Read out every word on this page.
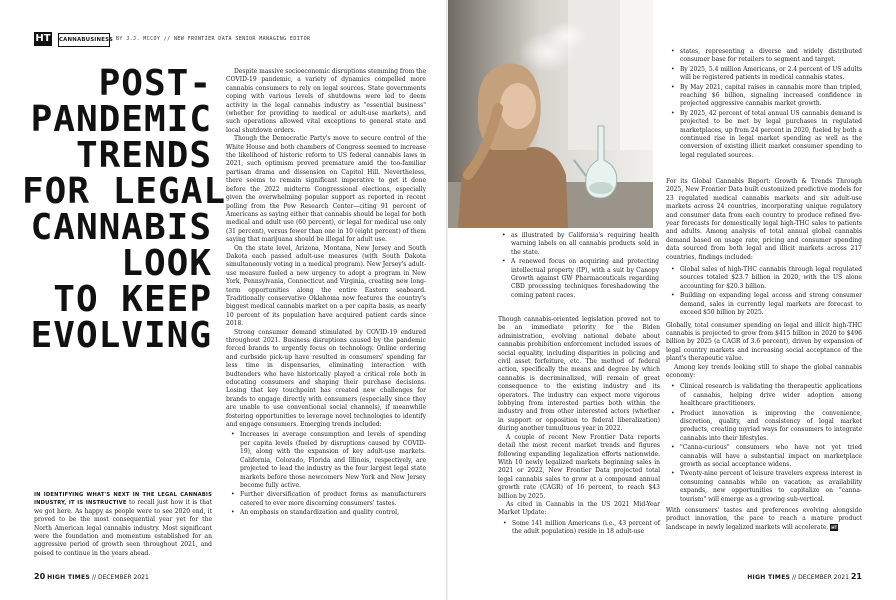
HT CANNABUSINESS BY J.J. MCCOY // NEW FRONTIER DATA SENIOR MANAGING EDITOR
POST-
PANDEMIC
TRENDS
FOR LEGAL
CANNABIS
LOOK
TO KEEP
EVOLVING
IN IDENTIFYING WHAT'S NEXT IN THE LEGAL CANNABIS INDUSTRY, IT IS INSTRUCTIVE to recall just how it is that we got here. As happy as people were to see 2020 end, it proved to be the most consequential year yet for the North American legal cannabis industry. Most significant were the foundation and momentum established for an aggressive period of growth seen throughout 2021, and poised to continue in the years ahead.

Despite massive socioeconomic disruptions stemming from the COVID-19 pandemic, a variety of dynamics compelled more cannabis consumers to rely on legal sources. State governments coping with various levels of shutdowns were led to deem activity in the legal cannabis industry as "essential business" (whether for providing to medical or adult-use markets), and such operations allowed vital exceptions to general state and local shutdown orders.

Though the Democratic Party's move to secure control of the White House and both chambers of Congress seemed to increase the likelihood of historic reform to US federal cannabis laws in 2021, such optimism proved premature amid the too-familiar partisan drama and dissension on Capitol Hill. Nevertheless, there seems to remain significant imperative to get it done before the 2022 midterm Congressional elections, especially given the overwhelming popular support as reported in recent polling from the Pew Research Center—citing 91 percent of Americans as saying either that cannabis should be legal for both medical and adult use (60 percent), or legal for medical use only (31 percent), versus fewer than one in 10 (eight percent) of them saying that marijuana should be illegal for adult use.

On the state level, Arizona, Montana, New Jersey and South Dakota each passed adult-use measures (with South Dakota simultaneously voting in a medical program). New Jersey's adult-use measure fueled a new urgency to adopt a program in New York, Pennsylvania, Connecticut and Virginia, creating new long-term opportunities along the entire Eastern seaboard. Traditionally conservative Oklahoma now features the country's biggest medical cannabis market on a per capita basis, as nearly 10 percent of its population have acquired patient cards since 2018.

Strong consumer demand stimulated by COVID-19 endured throughout 2021. Business disruptions caused by the pandemic forced brands to urgently focus on technology. Online ordering and curbside pick-up have resulted in consumers' spending far less time in dispensaries, eliminating interaction with budtenders who have historically played a critical role both in educating consumers and shaping their purchase decisions. Losing that key touchpoint has created new challenges for brands to engage directly with consumers (especially since they are unable to use conventional social channels), if meanwhile fostering opportunities to leverage novel technologies to identify and engage consumers. Emerging trends included:

• Increases in average consumption and levels of spending per capita levels (fueled by disruptions caused by COVID-19), along with the expansion of key adult-use markets. California, Colorado, Florida and Illinois, respectively, are projected to lead the industry as the four largest legal state markets before those newcomers New York and New Jersey become fully active.
• Further diversification of product forms as manufacturers catered to ever more discerning consumers' tastes.
• An emphasis on standardization and quality control,
• as illustrated by California's requiring health warning labels on all cannabis products sold in the state.
• A renewed focus on acquiring and protecting intellectual property (IP), with a suit by Canopy Growth against GW Pharmaceuticals regarding CBD processing techniques foreshadowing the coming patent races.

Though cannabis-oriented legislation proved not to be an immediate priority for the Biden administration, evolving national debate about cannabis prohibition enforcement included issues of social equality, including disparities in policing and civil asset forfeiture, etc. The method of federal action, specifically the means and degree by which cannabis is decriminalized, will remain of great consequence to the existing industry and its operators. The industry can expect more vigorous lobbying from interested parties both within the industry and from other interested actors (whether in support or opposition to federal liberalization) during another tumultuous year in 2022.

A couple of recent New Frontier Data reports detail the most recent market trends and figures following expanding legalization efforts nationwide. With 10 newly legalized markets beginning sales in 2021 or 2022, New Frontier Data projected total legal cannabis sales to grow at a compound annual growth rate (CAGR) of 16 percent, to reach $43 billion by 2025.

As cited in Cannabis in the US 2021 Mid-Year Market Update:

• Some 141 million Americans (i.e., 43 percent of the adult population) reside in 18 adult-use
• states, representing a diverse and widely distributed consumer base for retailers to segment and target.
• By 2025, 5.4 million Americans, or 2.4 percent of US adults will be registered patients in medical cannabis states.
• By May 2021, capital raises in cannabis more than tripled, reaching $6 billion, signaling increased confidence in projected aggressive cannabis market growth.
• By 2025, 42 percent of total annual US cannabis demand is projected to be met by legal purchases in regulated marketplaces, up from 24 percent in 2020, fueled by both a continued rise in legal market spending as well as the conversion of existing illicit market consumer spending to legal regulated sources.

For its Global Cannabis Report: Growth & Trends Through 2025, New Frontier Data built customized predictive models for 23 regulated medical cannabis markets and six adult-use markets across 24 countries, incorporating unique regulatory and consumer data from each country to produce refined five-year forecasts for domestically legal high-THC sales to patients and adults. Among analysis of total annual global cannabis demand based on usage rate, pricing and consumer spending data sourced from both legal and illicit markets across 217 countries, findings included:

• Global sales of high-THC cannabis through legal regulated sources totaled $23.7 billion in 2020, with the US alone accounting for $20.3 billion.
• Building on expanding legal access and strong consumer demand, sales in currently legal markets are forecast to exceed $50 billion by 2025.

Globally, total consumer spending on legal and illicit high-THC cannabis is projected to grow from $415 billion in 2020 to $496 billion by 2025 (a CAGR of 3.6 percent), driven by expansion of legal country markets and increasing social acceptance of the plant's therapeutic value.

Among key trends looking still to shape the global cannabis economy:

• Clinical research is validating the therapeutic applications of cannabis, helping drive wider adoption among healthcare practitioners.
• Product innovation is improving the convenience, discretion, quality, and consistency of legal market products, creating myriad ways for consumers to integrate cannabis into their lifestyles.
• "Canna-curious" consumers who have not yet tried cannabis will have a substantial impact on marketplace growth as social acceptance widens.
• Twenty-nine percent of leisure travelers express interest in consuming cannabis while on vacation; as availability expands, new opportunities to capitalize on "canna-tourism" will emerge as a growing sub-vertical.

With consumers' tastes and preferences evolving alongside product innovation, the pace to reach a mature product landscape in newly legalized markets will accelerate. HT

20 HIGH TIMES // DECEMBER 2021	HIGH TIMES // DECEMBER 2021 21
